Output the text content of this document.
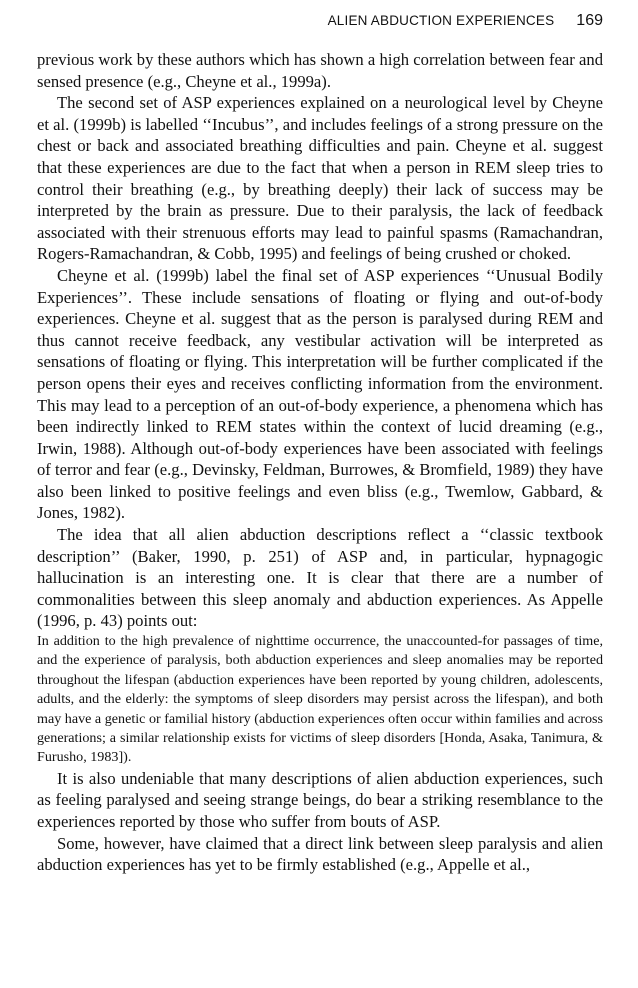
ALIEN ABDUCTION EXPERIENCES 169

previous work by these authors which has shown a high correlation between fear and sensed presence (e.g., Cheyne et al., 1999a).

The second set of ASP experiences explained on a neurological level by Cheyne et al. (1999b) is labelled ‘‘Incubus’’, and includes feelings of a strong pressure on the chest or back and associated breathing difficulties and pain. Cheyne et al. suggest that these experiences are due to the fact that when a person in REM sleep tries to control their breathing (e.g., by breathing deeply) their lack of success may be interpreted by the brain as pressure. Due to their paralysis, the lack of feedback associated with their strenuous efforts may lead to painful spasms (Ramachandran, Rogers-Ramachandran, & Cobb, 1995) and feelings of being crushed or choked.

Cheyne et al. (1999b) label the final set of ASP experiences ‘‘Unusual Bodily Experiences’’. These include sensations of floating or flying and out-of-body experiences. Cheyne et al. suggest that as the person is paralysed during REM and thus cannot receive feedback, any vestibular activation will be interpreted as sensations of floating or flying. This interpretation will be further complicated if the person opens their eyes and receives conflicting information from the environment. This may lead to a perception of an out-of-body experience, a phenomena which has been indirectly linked to REM states within the context of lucid dreaming (e.g., Irwin, 1988). Although out-of-body experiences have been associated with feelings of terror and fear (e.g., Devinsky, Feldman, Burrowes, & Bromfield, 1989) they have also been linked to positive feelings and even bliss (e.g., Twemlow, Gabbard, & Jones, 1982).

The idea that all alien abduction descriptions reflect a ‘‘classic textbook description’’ (Baker, 1990, p. 251) of ASP and, in particular, hypnagogic hallucination is an interesting one. It is clear that there are a number of commonalities between this sleep anomaly and abduction experiences. As Appelle (1996, p. 43) points out:

In addition to the high prevalence of nighttime occurrence, the unaccounted-for passages of time, and the experience of paralysis, both abduction experiences and sleep anomalies may be reported throughout the lifespan (abduction experiences have been reported by young children, adolescents, adults, and the elderly: the symptoms of sleep disorders may persist across the lifespan), and both may have a genetic or familial history (abduction experiences often occur within families and across generations; a similar relationship exists for victims of sleep disorders [Honda, Asaka, Tanimura, & Furusho, 1983]).

It is also undeniable that many descriptions of alien abduction experiences, such as feeling paralysed and seeing strange beings, do bear a striking resemblance to the experiences reported by those who suffer from bouts of ASP.

Some, however, have claimed that a direct link between sleep paralysis and alien abduction experiences has yet to be firmly established (e.g., Appelle et al.,
